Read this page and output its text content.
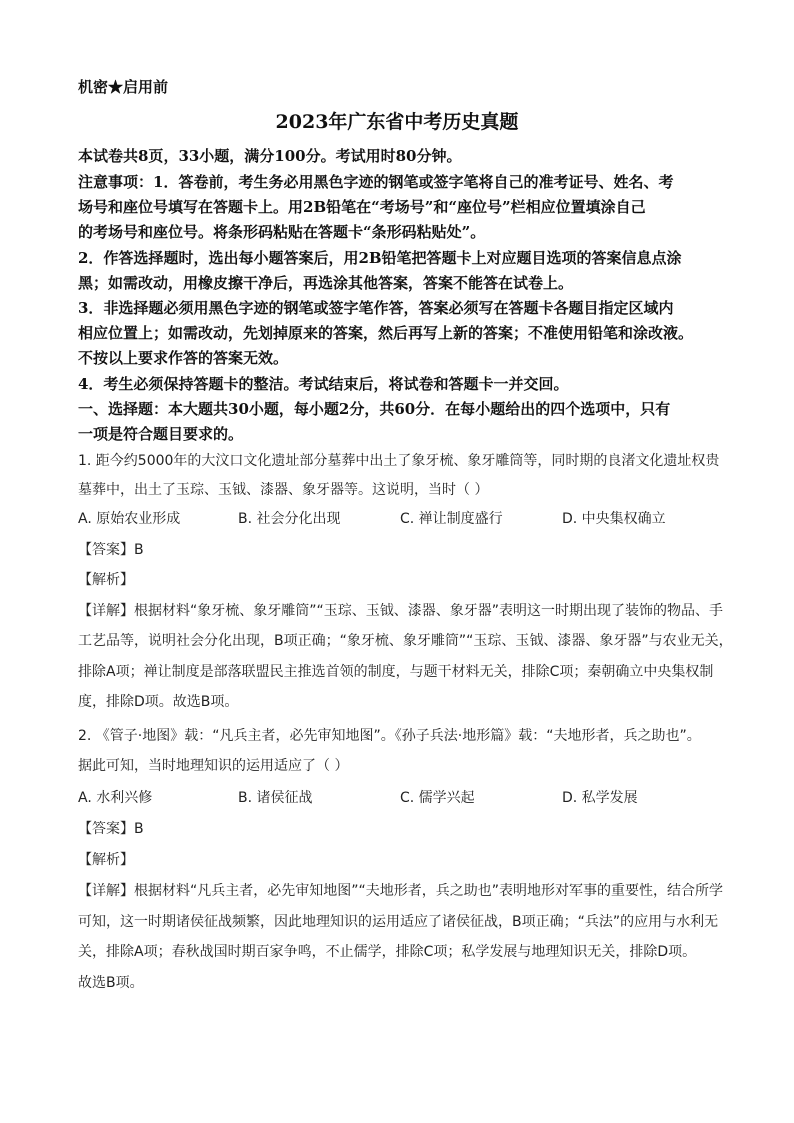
机密★启用前
2023年广东省中考历史真题
本试卷共8页，33小题，满分100分。考试用时80分钟。
注意事项：1．答卷前，考生务必用黑色字迹的钢笔或签字笔将自己的准考证号、姓名、考
场号和座位号填写在答题卡上。用2B铅笔在“考场号”和“座位号”栏相应位置填涂自己
的考场号和座位号。将条形码粘贴在答题卡“条形码粘贴处”。
2．作答选择题时，选出每小题答案后，用2B铅笔把答题卡上对应题目选项的答案信息点涂
黑；如需改动，用橡皮擦干净后，再选涂其他答案，答案不能答在试卷上。
3．非选择题必须用黑色字迹的钢笔或签字笔作答，答案必须写在答题卡各题目指定区域内
相应位置上；如需改动，先划掉原来的答案，然后再写上新的答案；不准使用铅笔和涂改液。
不按以上要求作答的答案无效。
4．考生必须保持答题卡的整洁。考试结束后，将试卷和答题卡一并交回。
一、选择题：本大题共30小题，每小题2分，共60分．在每小题给出的四个选项中，只有
一项是符合题目要求的。
1. 距今约5000年的大汶口文化遗址部分墓葬中出土了象牙梳、象牙雕筒等，同时期的良渚文化遗址权贵
墓葬中，出土了玉琮、玉钺、漆器、象牙器等。这说明，当时（ ）
A. 原始农业形成	B. 社会分化出现	C. 禅让制度盛行	D. 中央集权确立
【答案】B
【解析】
【详解】根据材料“象牙梳、象牙雕筒”“玉琮、玉钺、漆器、象牙器”表明这一时期出现了装饰的物品、手
工艺品等，说明社会分化出现，B项正确；“象牙梳、象牙雕筒”“玉琮、玉钺、漆器、象牙器”与农业无关，
排除A项；禅让制度是部落联盟民主推选首领的制度，与题干材料无关，排除C项；秦朝确立中央集权制
度，排除D项。故选B项。
2. 《管子·地图》载：“凡兵主者，必先审知地图”。《孙子兵法·地形篇》载：“夫地形者，兵之助也”。
据此可知，当时地理知识的运用适应了（ ）
A. 水利兴修	B. 诸侯征战	C. 儒学兴起	D. 私学发展
【答案】B
【解析】
【详解】根据材料“凡兵主者，必先审知地图”“夫地形者，兵之助也”表明地形对军事的重要性，结合所学
可知，这一时期诸侯征战频繁，因此地理知识的运用适应了诸侯征战，B项正确；“兵法”的应用与水利无
关，排除A项；春秋战国时期百家争鸣，不止儒学，排除C项；私学发展与地理知识无关，排除D项。
故选B项。
